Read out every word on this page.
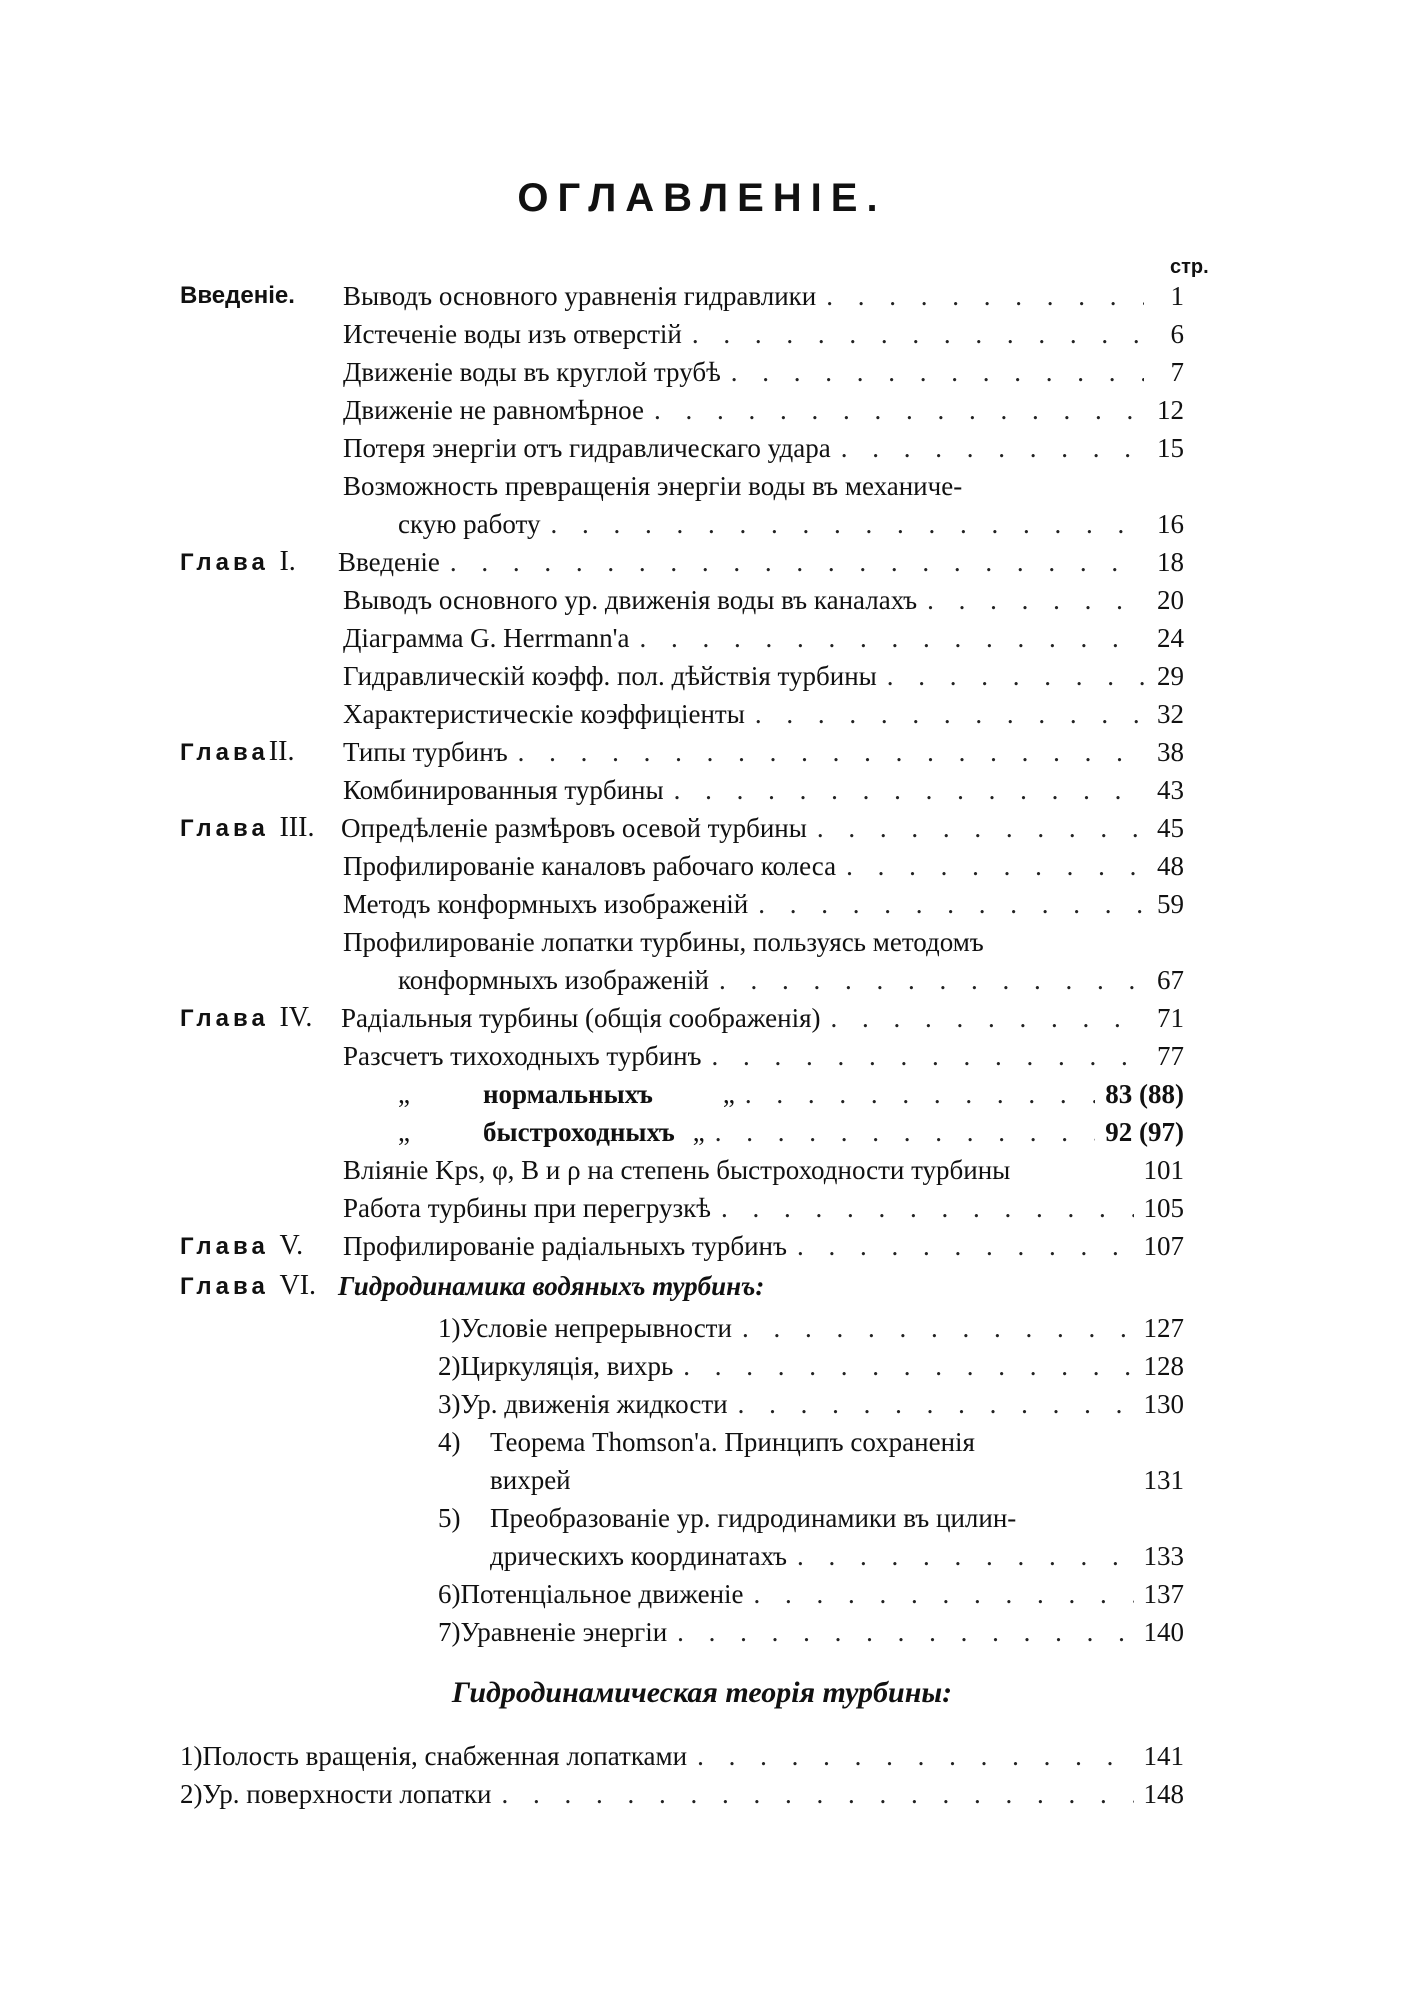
ОГЛАВЛЕНІЕ.
стр.
Введеніе. Выводъ основного уравненія гидравлики . . .	1
Истеченіе воды изъ отверстій . . .	6
Движеніе воды въ круглой трубѣ . . .	7
Движеніе не равномѣрное . . .	12
Потеря энергіи отъ гидравлическаго удара . . .	15
Возможность превращенія энергіи воды въ механиче-
скую работу . . .	16
Глава I. Введеніе . . .	18
Выводъ основного ур. движенія воды въ каналахъ . . .	20
Діаграмма G. Herrmann'а . . .	24
Гидравлическій коэфф. пол. дѣйствія турбины . . .	29
Характеристическіе коэффиціенты . . .	32
ГлаваII. Типы турбинъ . . .	38
Комбинированныя турбины . . .	43
Глава III. Опредѣленіе размѣровъ осевой турбины . . .	45
Профилированіе каналовъ рабочаго колеса . . .	48
Методъ конформныхъ изображеній . . .	59
Профилированіе лопатки турбины, пользуясь методомъ
конформныхъ изображеній . . .	67
Глава IV. Радіальныя турбины (общія соображенія) . . .	71
Разсчетъ тихоходныхъ турбинъ . . .	77
„	нормальныхъ	„ . . .	83 (88)
„	быстроходныхъ „ . . .	92 (97)
Вліяніе Kps, φ, B и ρ на степень быстроходности турбины	101
Работа турбины при перегрузкѣ . . .	105
Глава V. Профилированіе радіальныхъ турбинъ . . .	107
Глава VI. Гидродинамика водяныхъ турбинъ:
1) Условіе непрерывности . . .	127
2) Циркуляція, вихрь . . .	128
3) Ур. движенія жидкости . . .	130
4)	Теорема Thomson'а. Принципъ сохраненія
вихрей	131
5)	Преобразованіе ур. гидродинамики въ цилин-
дрическихъ координатахъ . . .	133
6) Потенціальное движеніе . . .	137
7) Уравненіе энергіи . . .	140
Гидродинамическая теорія турбины:
1) Полость вращенія, снабженная лопатками . . .	141
2) Ур. поверхности лопатки . . .	148
